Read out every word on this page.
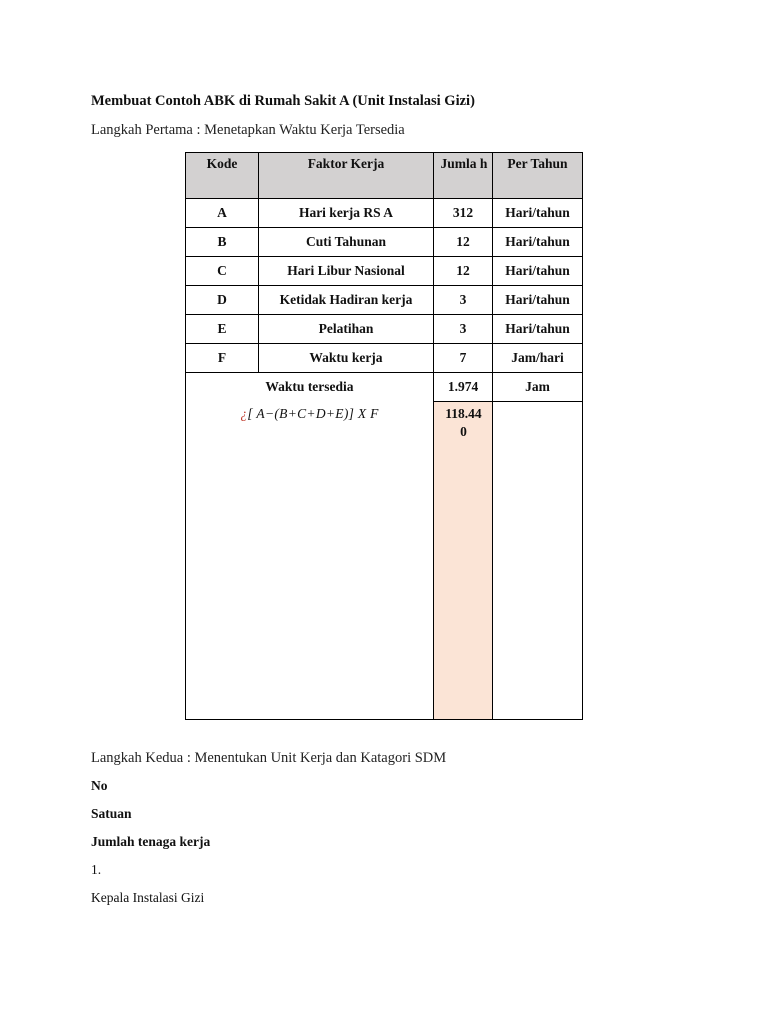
Membuat Contoh ABK di Rumah Sakit A (Unit Instalasi Gizi)
Langkah Pertama : Menetapkan Waktu Kerja Tersedia
Kode	Faktor Kerja	Jumla h	Per Tahun
A	Hari kerja RS A	312	Hari/tahun
B	Cuti Tahunan	12	Hari/tahun
C	Hari Libur Nasional	12	Hari/tahun
D	Ketidak Hadiran kerja	3	Hari/tahun
E	Pelatihan	3	Hari/tahun
F	Waktu kerja	7	Jam/hari
Waktu tersedia		1.974	Jam
¿[ A−(B+C+D+E)] X F		118.44 0	
Langkah Kedua : Menentukan Unit Kerja dan Katagori SDM
No
Satuan
Jumlah tenaga kerja
1.
Kepala Instalasi Gizi
